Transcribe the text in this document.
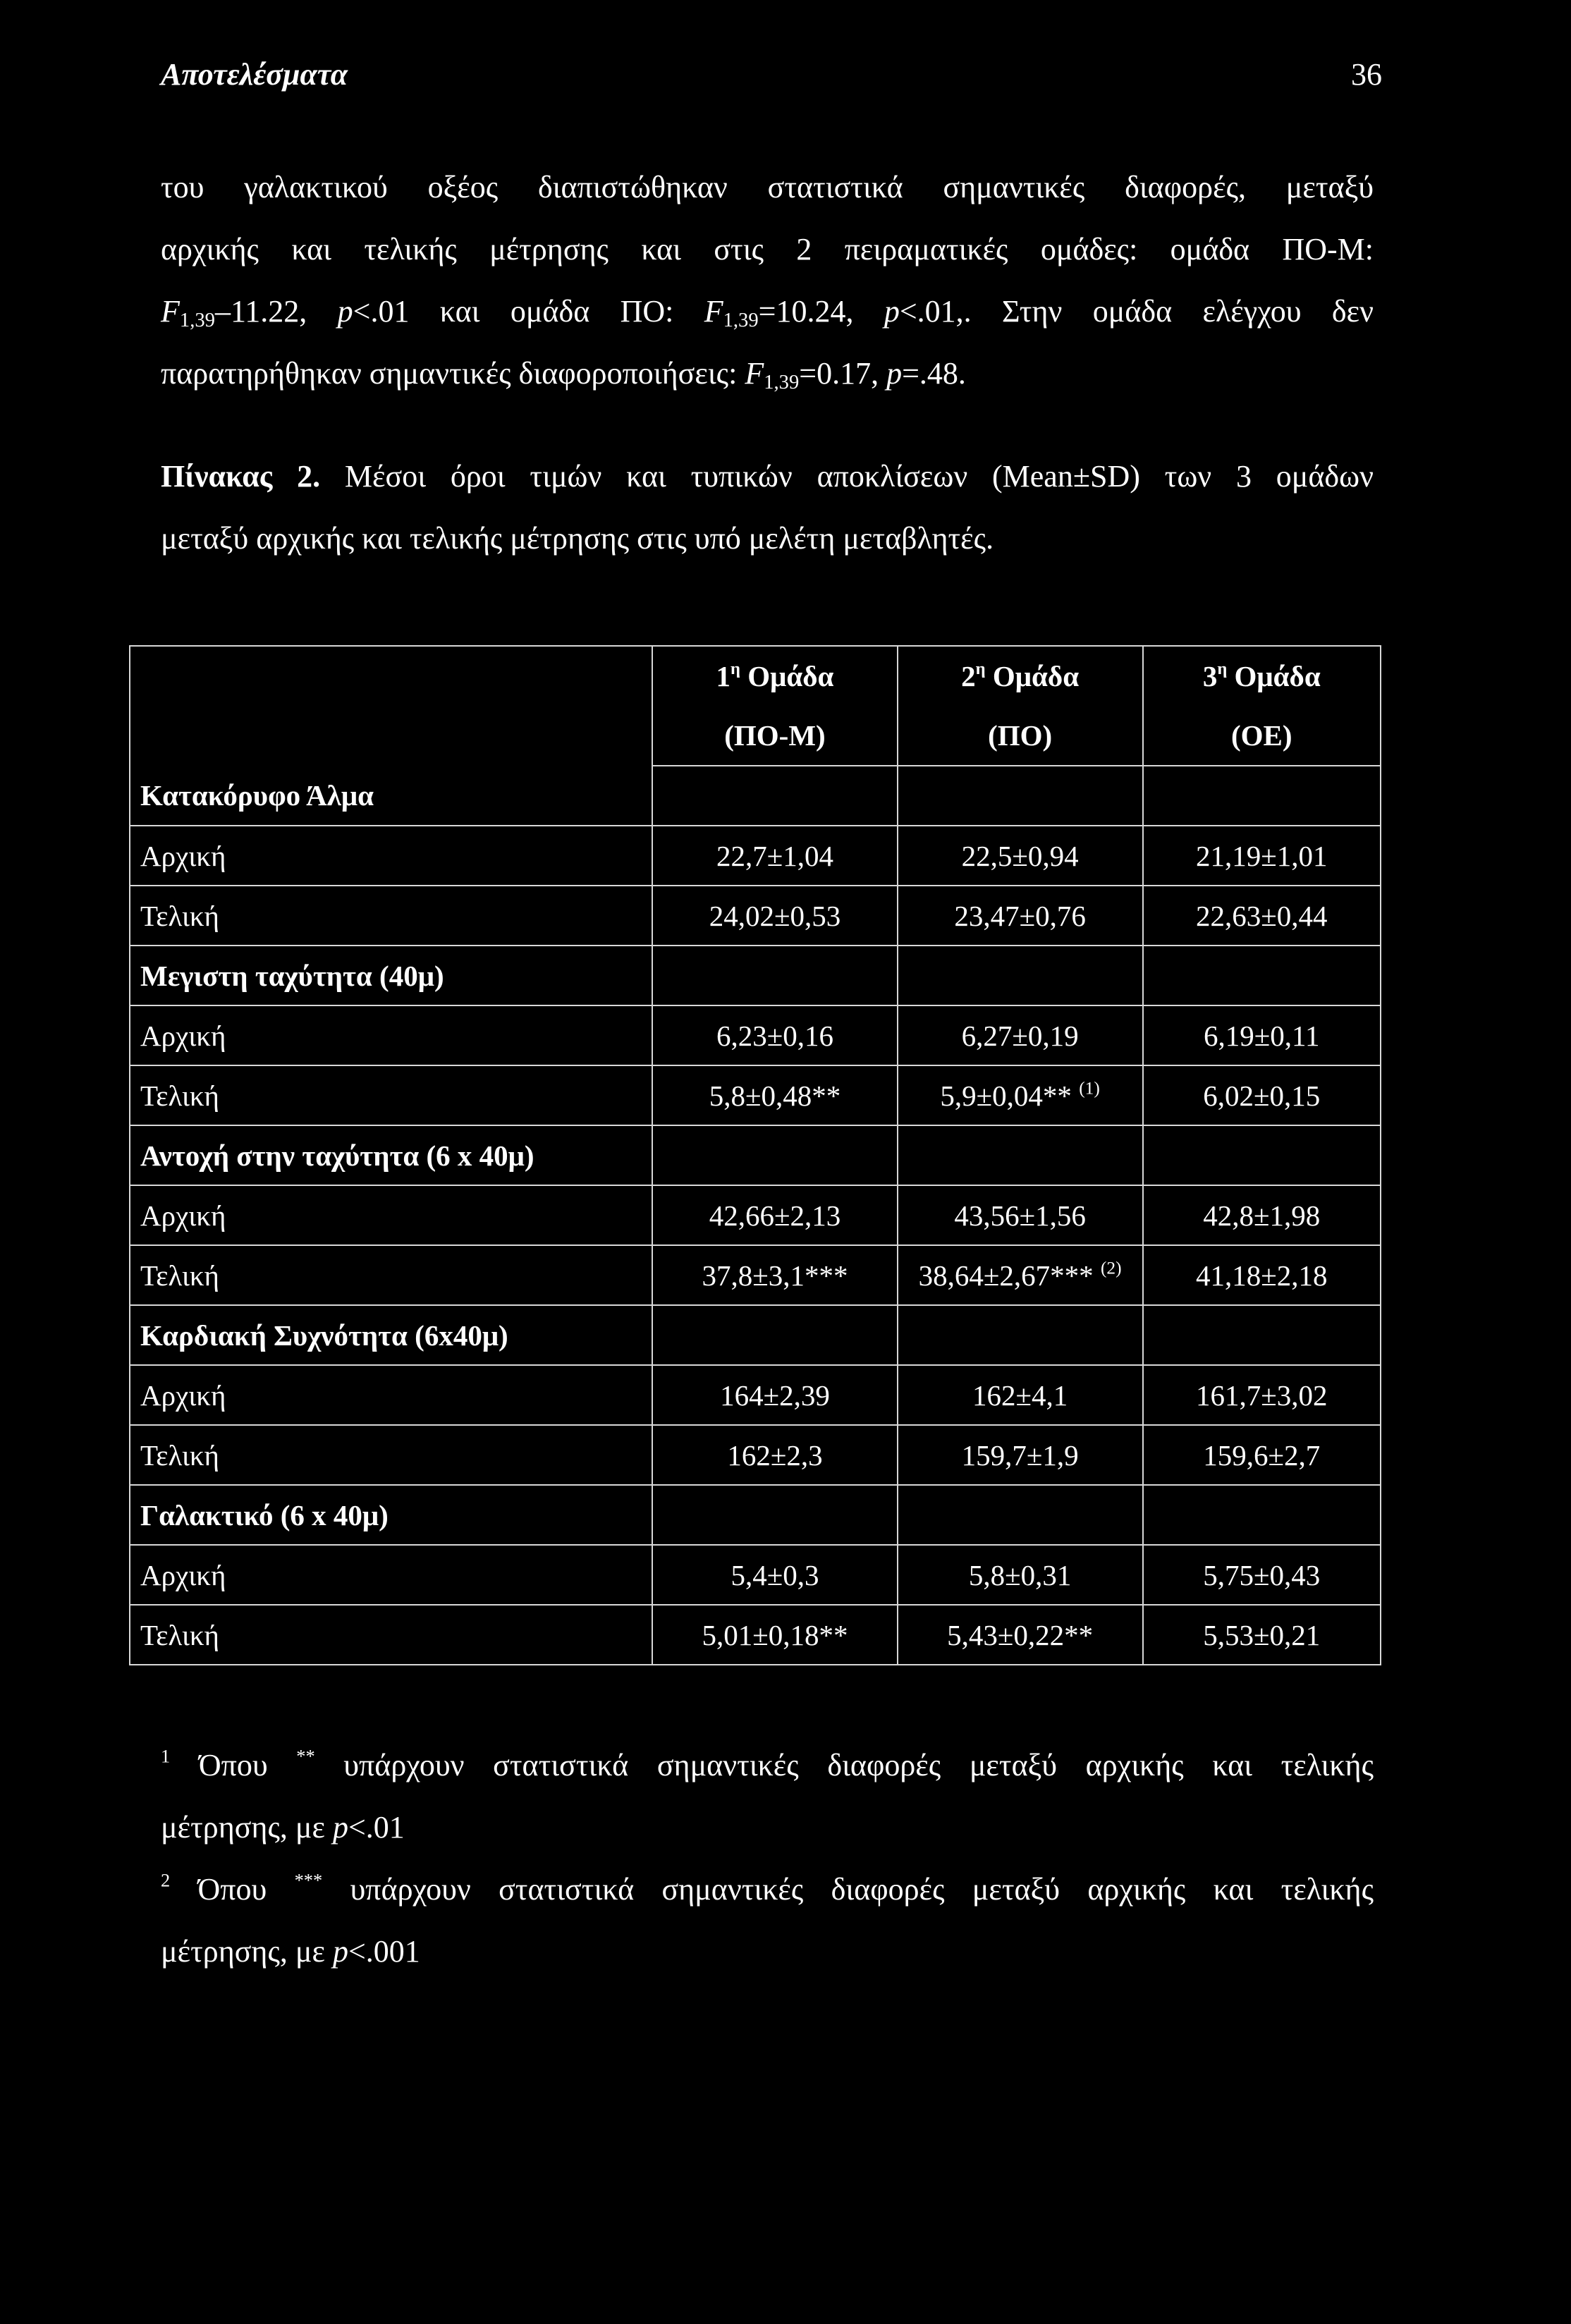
Αποτελέσματα	36
του γαλακτικού οξέος διαπιστώθηκαν στατιστικά σημαντικές διαφορές, μεταξύ
αρχικής και τελικής μέτρησης και στις 2 πειραματικές ομάδες: ομάδα ΠΟ-Μ:
$F_{1,39}-11.22$, p<.01 και ομάδα ΠΟ: $F_{1,39}=10.24$, p<.01,. Στην ομάδα ελέγχου δεν
παρατηρήθηκαν σημαντικές διαφοροποιήσεις: $F_{1,39}=0.17$, p=.48.
Πίνακας 2. Μέσοι όροι τιμών και τυπικών αποκλίσεων (Mean±SD) των 3 ομάδων
μεταξύ αρχικής και τελικής μέτρησης στις υπό μελέτη μεταβλητές.
	$1^\eta$ Ομάδα	$2^\eta$ Ομάδα	$3^\eta$ Ομάδα
	(ΠΟ-Μ)	(ΠΟ)	(ΟΕ)
Κατακόρυφο Άλμα			
Αρχική	22,7±1,04	22,5±0,94	21,19±1,01
Τελική	24,02±0,53	23,47±0,76	22,63±0,44
Μεγιστη ταχύτητα (40μ)			
Αρχική	6,23±0,16	6,27±0,19	6,19±0,11
Τελική	5,8±0,48**	5,9±0,04** $^{(1)}$	6,02±0,15
Αντοχή στην ταχύτητα (6 x 40μ)			
Αρχική	42,66±2,13	43,56±1,56	42,8±1,98
Τελική	37,8±3,1***	38,64±2,67*** $^{(2)}$	41,18±2,18
Καρδιακή Συχνότητα (6x40μ)			
Αρχική	164±2,39	162±4,1	161,7±3,02
Τελική	162±2,3	159,7±1,9	159,6±2,7
Γαλακτικό (6 x 40μ)			
Αρχική	5,4±0,3	5,8±0,31	5,75±0,43
Τελική	5,01±0,18**	5,43±0,22**	5,53±0,21
$^1$ Όπου ** υπάρχουν στατιστικά σημαντικές διαφορές μεταξύ αρχικής και τελικής
μέτρησης, με p<.01
$^2$ Όπου *** υπάρχουν στατιστικά σημαντικές διαφορές μεταξύ αρχικής και τελικής
μέτρησης, με p<.001
